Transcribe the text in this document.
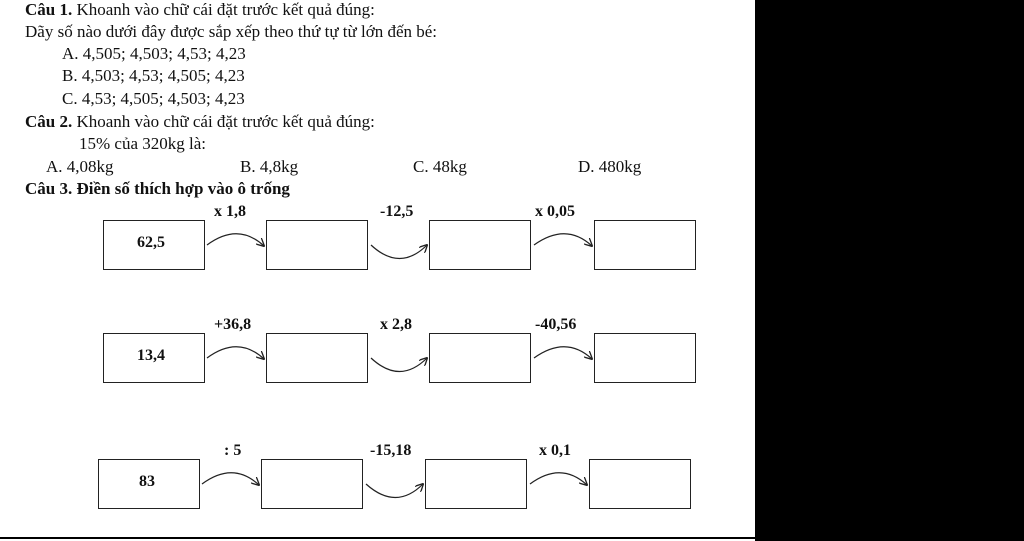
Câu 1. Khoanh vào chữ cái đặt trước kết quả đúng:
Dãy số nào dưới đây được sắp xếp theo thứ tự từ lớn đến bé:
A. 4,505; 4,503; 4,53; 4,23
B. 4,503; 4,53; 4,505; 4,23
C. 4,53; 4,505; 4,503; 4,23
Câu 2. Khoanh vào chữ cái đặt trước kết quả đúng:
15% của 320kg là:
A. 4,08kg	B. 4,8kg	C. 48kg	D. 480kg
Câu 3. Điền số thích hợp vào ô trống
x 1,8	-12,5	x 0,05
62,5
+36,8	x 2,8	-40,56
13,4
: 5	-15,18	x 0,1
83
